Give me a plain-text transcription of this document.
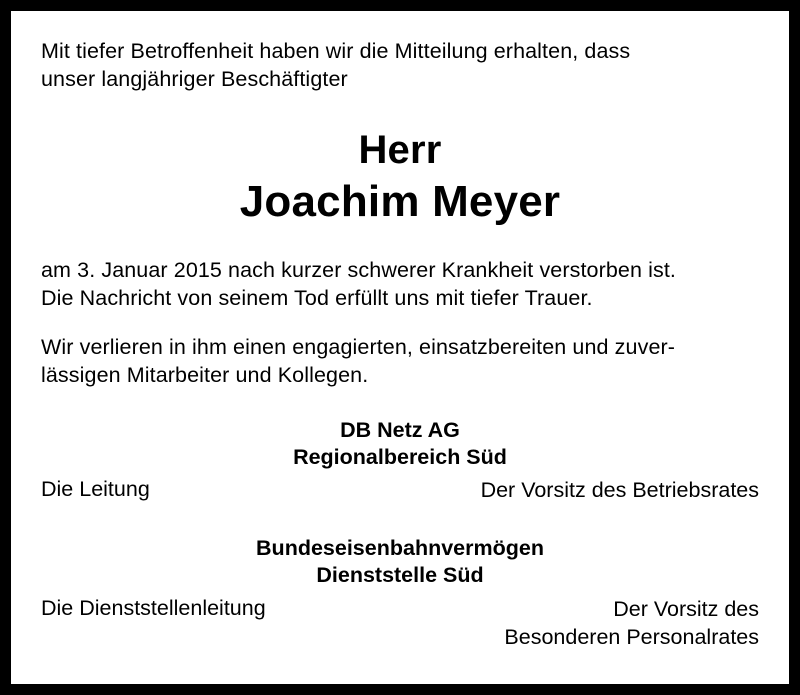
Mit tiefer Betroffenheit haben wir die Mitteilung erhalten, dass
unser langjähriger Beschäftigter
Herr
Joachim Meyer
am 3. Januar 2015 nach kurzer schwerer Krankheit verstorben ist.
Die Nachricht von seinem Tod erfüllt uns mit tiefer Trauer.
Wir verlieren in ihm einen engagierten, einsatzbereiten und zuver-
lässigen Mitarbeiter und Kollegen.
DB Netz AG
Regionalbereich Süd
Die Leitung	Der Vorsitz des Betriebsrates
Bundeseisenbahnvermögen
Dienststelle Süd
Die Dienststellenleitung	Der Vorsitz des
Besonderen Personalrates
